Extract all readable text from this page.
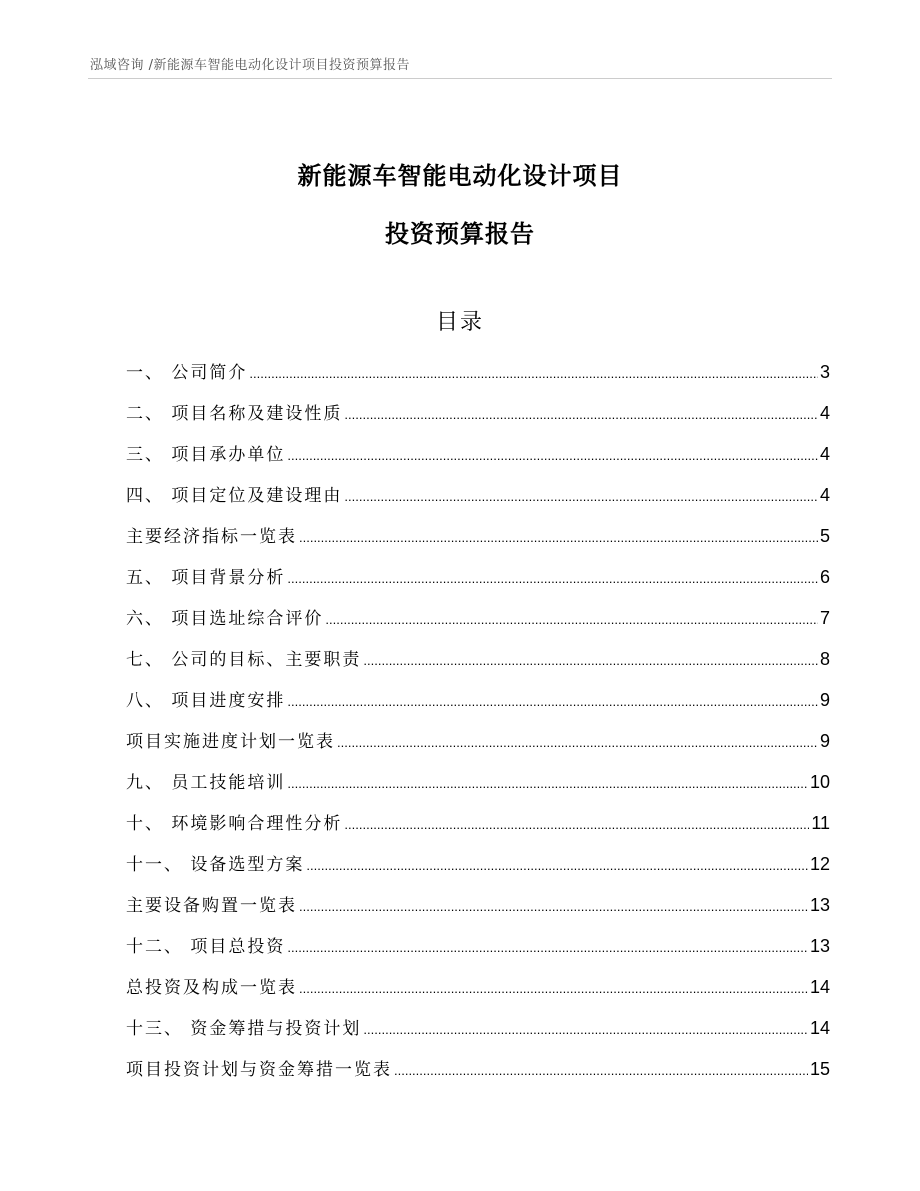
泓域咨询 /新能源车智能电动化设计项目投资预算报告
新能源车智能电动化设计项目
投资预算报告
目录
一、 公司简介 .....	3
二、 项目名称及建设性质 .....	4
三、 项目承办单位 .....	4
四、 项目定位及建设理由 .....	4
主要经济指标一览表 .....	5
五、 项目背景分析 .....	6
六、 项目选址综合评价 .....	7
七、 公司的目标、主要职责 .....	8
八、 项目进度安排 .....	9
项目实施进度计划一览表 .....	9
九、 员工技能培训 .....	10
十、 环境影响合理性分析 .....	11
十一、 设备选型方案 .....	12
主要设备购置一览表 .....	13
十二、 项目总投资 .....	13
总投资及构成一览表 .....	14
十三、 资金筹措与投资计划 .....	14
项目投资计划与资金筹措一览表 .....	15
